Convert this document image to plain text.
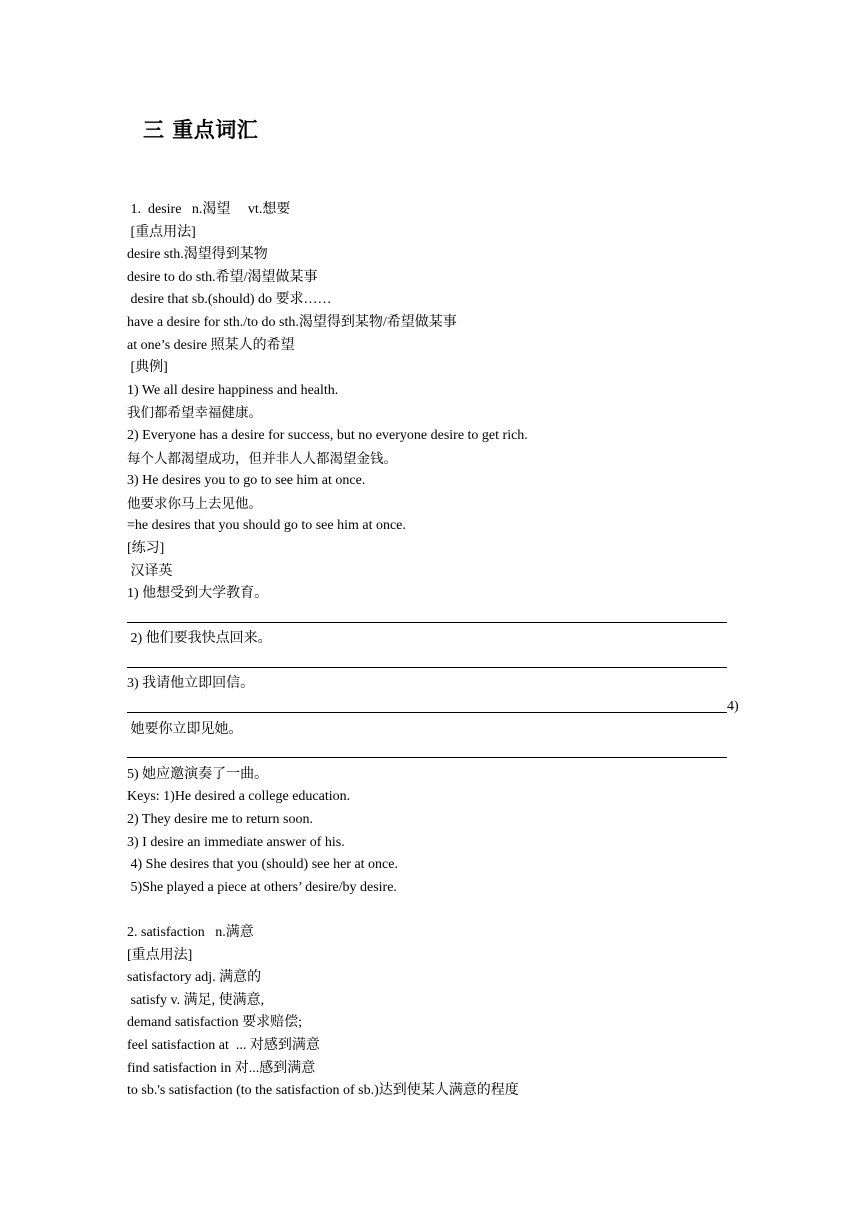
三 重点词汇
1.  desire   n.渴望     vt.想要
[重点用法]
desire sth.渴望得到某物
desire to do sth.希望/渴望做某事
desire that sb.(should) do 要求……
have a desire for sth./to do sth.渴望得到某物/希望做某事
at one’s desire 照某人的希望
[典例]
1) We all desire happiness and health.
我们都希望幸福健康。
2) Everyone has a desire for success, but no everyone desire to get rich.
每个人都渴望成功，但并非人人都渴望金钱。
3) He desires you to go to see him at once.
他要求你马上去见他。
=he desires that you should go to see him at once.
[练习]
汉译英
1) 他想受到大学教育。
2) 他们要我快点回来。
3) 我请他立即回信。
4)
她要你立即见她。
5) 她应邀演奏了一曲。
Keys: 1)He desired a college education.
2) They desire me to return soon.
3) I desire an immediate answer of his.
4) She desires that you (should) see her at once.
5)She played a piece at others’ desire/by desire.
2. satisfaction   n.满意
[重点用法]
satisfactory adj. 满意的
satisfy v. 满足, 使满意,
demand satisfaction 要求赔偿;
feel satisfaction at  ... 对感到满意
find satisfaction in 对...感到满意
to sb.'s satisfaction (to the satisfaction of sb.)达到使某人满意的程度
